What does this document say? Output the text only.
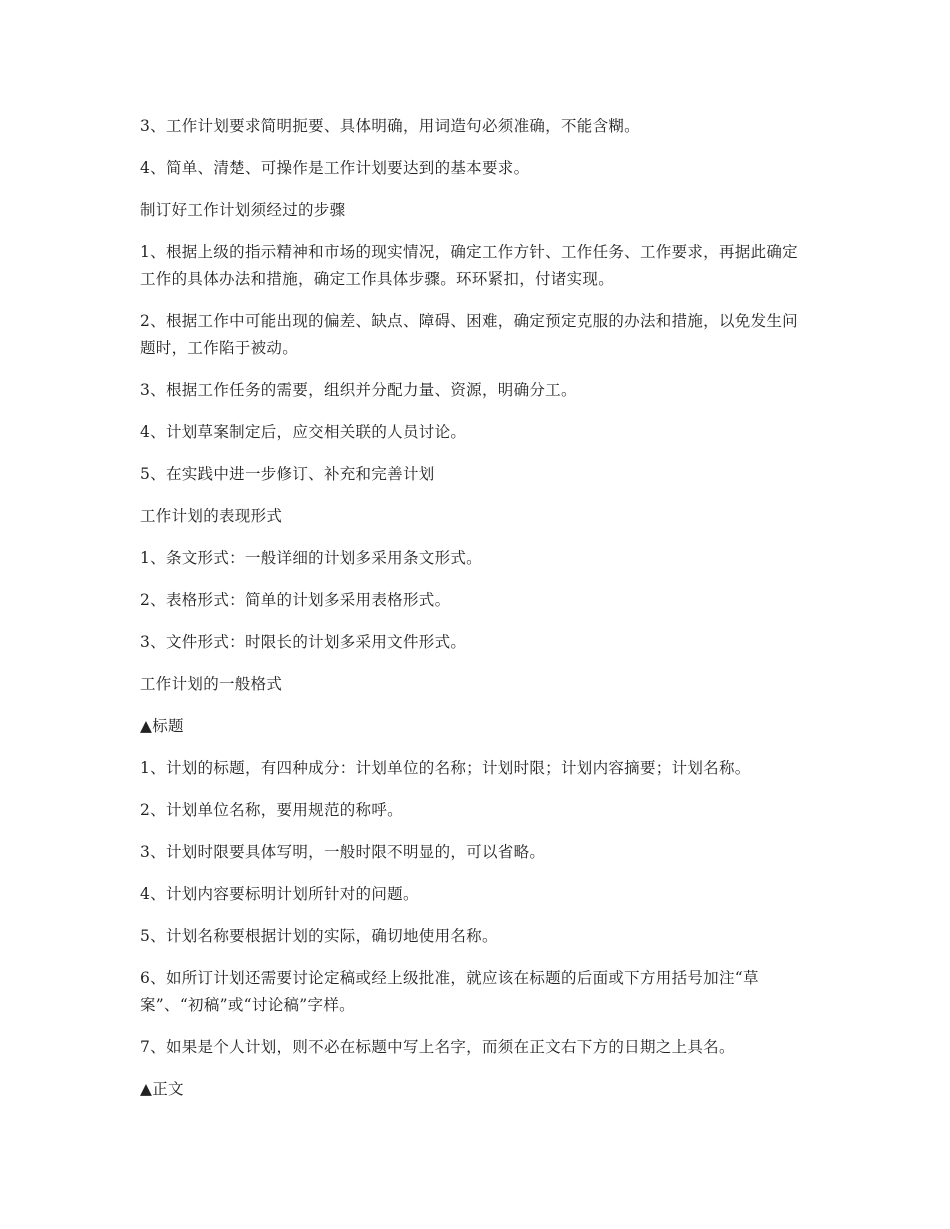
3、工作计划要求简明扼要、具体明确，用词造句必须准确，不能含糊。

4、简单、清楚、可操作是工作计划要达到的基本要求。

制订好工作计划须经过的步骤

1、根据上级的指示精神和市场的现实情况，确定工作方针、工作任务、工作要求，再据此确定工作的具体办法和措施，确定工作具体步骤。环环紧扣，付诸实现。

2、根据工作中可能出现的偏差、缺点、障碍、困难，确定预定克服的办法和措施，以免发生问题时，工作陷于被动。

3、根据工作任务的需要，组织并分配力量、资源，明确分工。

4、计划草案制定后，应交相关联的人员讨论。

5、在实践中进一步修订、补充和完善计划

工作计划的表现形式

1、条文形式：一般详细的计划多采用条文形式。

2、表格形式：简单的计划多采用表格形式。

3、文件形式：时限长的计划多采用文件形式。

工作计划的一般格式

▲标题

1、计划的标题，有四种成分：计划单位的名称；计划时限；计划内容摘要；计划名称。

2、计划单位名称，要用规范的称呼。

3、计划时限要具体写明，一般时限不明显的，可以省略。

4、计划内容要标明计划所针对的问题。

5、计划名称要根据计划的实际，确切地使用名称。

6、如所订计划还需要讨论定稿或经上级批准，就应该在标题的后面或下方用括号加注“草案”、“初稿”或“讨论稿”字样。

7、如果是个人计划，则不必在标题中写上名字，而须在正文右下方的日期之上具名。

▲正文
